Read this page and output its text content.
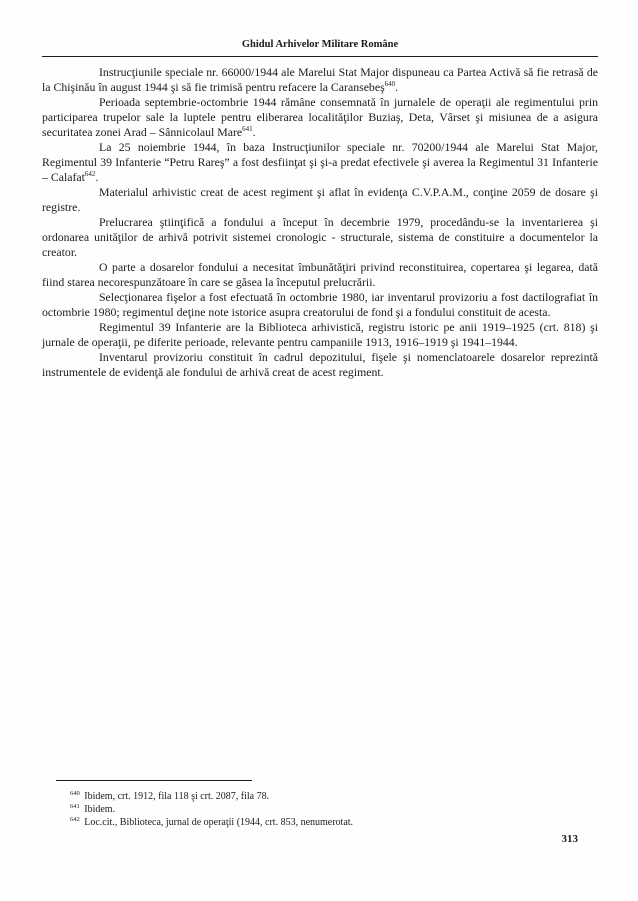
Ghidul Arhivelor Militare Române

Instrucţiunile speciale nr. 66000/1944 ale Marelui Stat Major dispuneau ca Partea Activă să fie retrasă de la Chişinău în august 1944 şi să fie trimisă pentru refacere la Caransebeş$^{640}$.

Perioada septembrie-octombrie 1944 rămâne consemnată în jurnalele de operaţii ale regimentului prin participarea trupelor sale la luptele pentru eliberarea localităţilor Buziaş, Deta, Vârset şi misiunea de a asigura securitatea zonei Arad – Sânnicolaul Mare$^{641}$.

La 25 noiembrie 1944, în baza Instrucţiunilor speciale nr. 70200/1944 ale Marelui Stat Major, Regimentul 39 Infanterie “Petru Rareş” a fost desfiinţat şi şi-a predat efectivele şi averea la Regimentul 31 Infanterie – Calafat$^{642}$.

Materialul arhivistic creat de acest regiment şi aflat în evidenţa C.V.P.A.M., conţine 2059 de dosare şi registre.

Prelucrarea ştiinţifică a fondului a început în decembrie 1979, procedându-se la inventarierea şi ordonarea unităţilor de arhivă potrivit sistemei cronologic - structurale, sistema de constituire a documentelor la creator.

O parte a dosarelor fondului a necesitat îmbunătăţiri privind reconstituirea, copertarea şi legarea, dată fiind starea necorespunzătoare în care se găsea la începutul prelucrării.

Selecţionarea fişelor a fost efectuată în octombrie 1980, iar inventarul provizoriu a fost dactilografiat în octombrie 1980; regimentul deţine note istorice asupra creatorului de fond şi a fondului constituit de acesta.

Regimentul 39 Infanterie are la Biblioteca arhivistică, registru istoric pe anii 1919–1925 (crt. 818) şi jurnale de operaţii, pe diferite perioade, relevante pentru campaniile 1913, 1916–1919 şi 1941–1944.

Inventarul provizoriu constituit în cadrul depozitului, fişele şi nomenclatoarele dosarelor reprezintă instrumentele de evidenţă ale fondului de arhivă creat de acest regiment.

$^{640}$ Ibidem, crt. 1912, fila 118 şi crt. 2087, fila 78.
$^{641}$ Ibidem.
$^{642}$ Loc.cit., Biblioteca, jurnal de operaţii (1944, crt. 853, nenumerotat.
313
